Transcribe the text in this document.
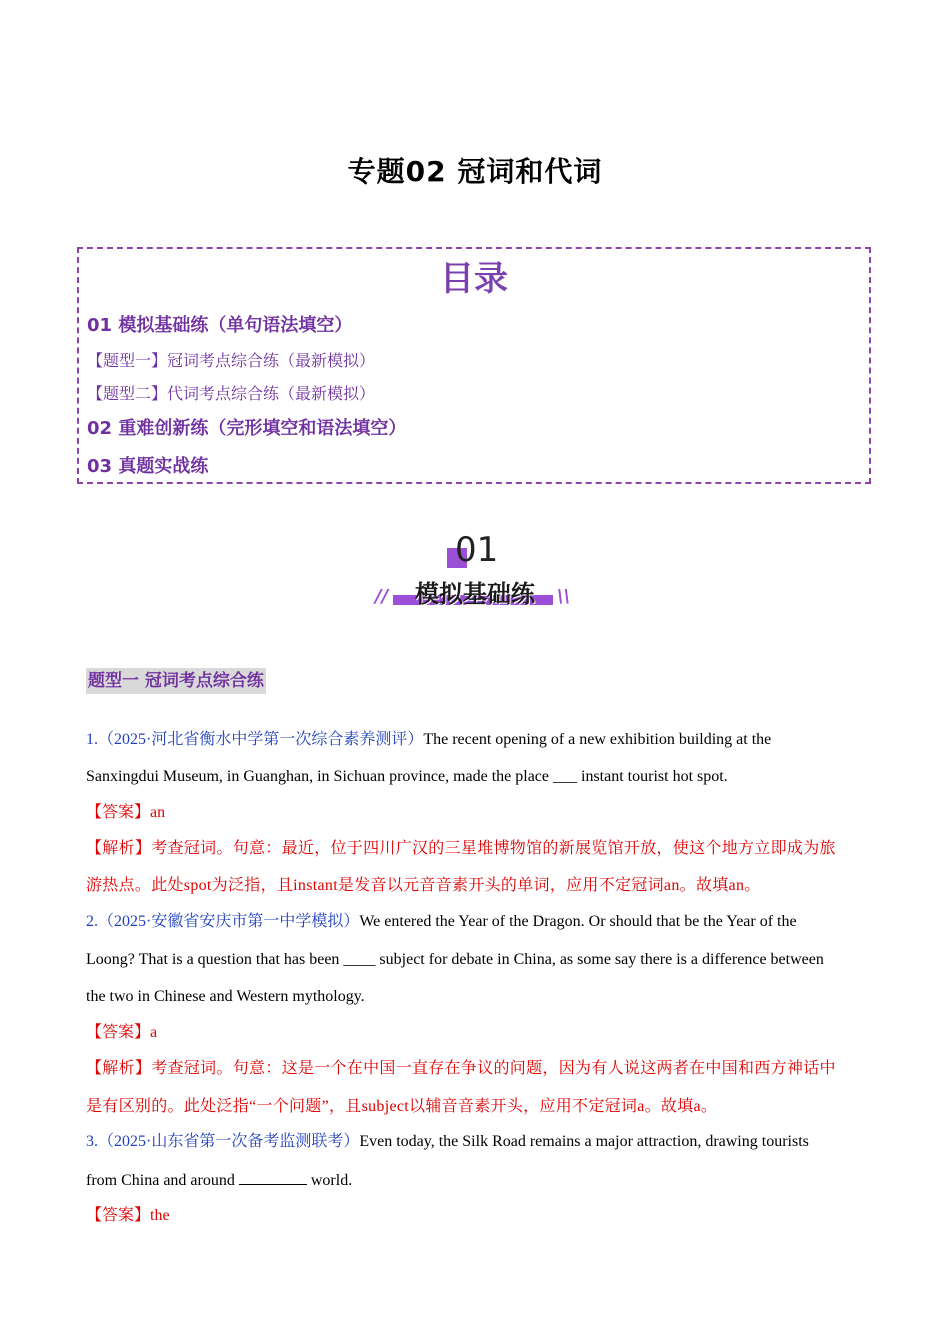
专题02 冠词和代词
目录
01 模拟基础练（单句语法填空）
【题型一】冠词考点综合练（最新模拟）
【题型二】代词考点综合练（最新模拟）
02 重难创新练（完形填空和语法填空）
03 真题实战练
01
//	模拟基础练	\\
题型一 冠词考点综合练
1.（2025·河北省衡水中学第一次综合素养测评）The recent opening of a new exhibition building at the
Sanxingdui Museum, in Guanghan, in Sichuan province, made the place ___ instant tourist hot spot.
【答案】an
【解析】考查冠词。句意：最近，位于四川广汉的三星堆博物馆的新展览馆开放，使这个地方立即成为旅
游热点。此处spot为泛指，且instant是发音以元音音素开头的单词，应用不定冠词an。故填an。
2.（2025·安徽省安庆市第一中学模拟）We entered the Year of the Dragon. Or should that be the Year of the
Loong? That is a question that has been ____ subject for debate in China, as some say there is a difference between
the two in Chinese and Western mythology.
【答案】a
【解析】考查冠词。句意：这是一个在中国一直存在争议的问题，因为有人说这两者在中国和西方神话中
是有区别的。此处泛指“一个问题”，且subject以辅音音素开头，应用不定冠词a。故填a。
3.（2025·山东省第一次备考监测联考）Even today, the Silk Road remains a major attraction, drawing tourists
from China and around	world.
【答案】the
